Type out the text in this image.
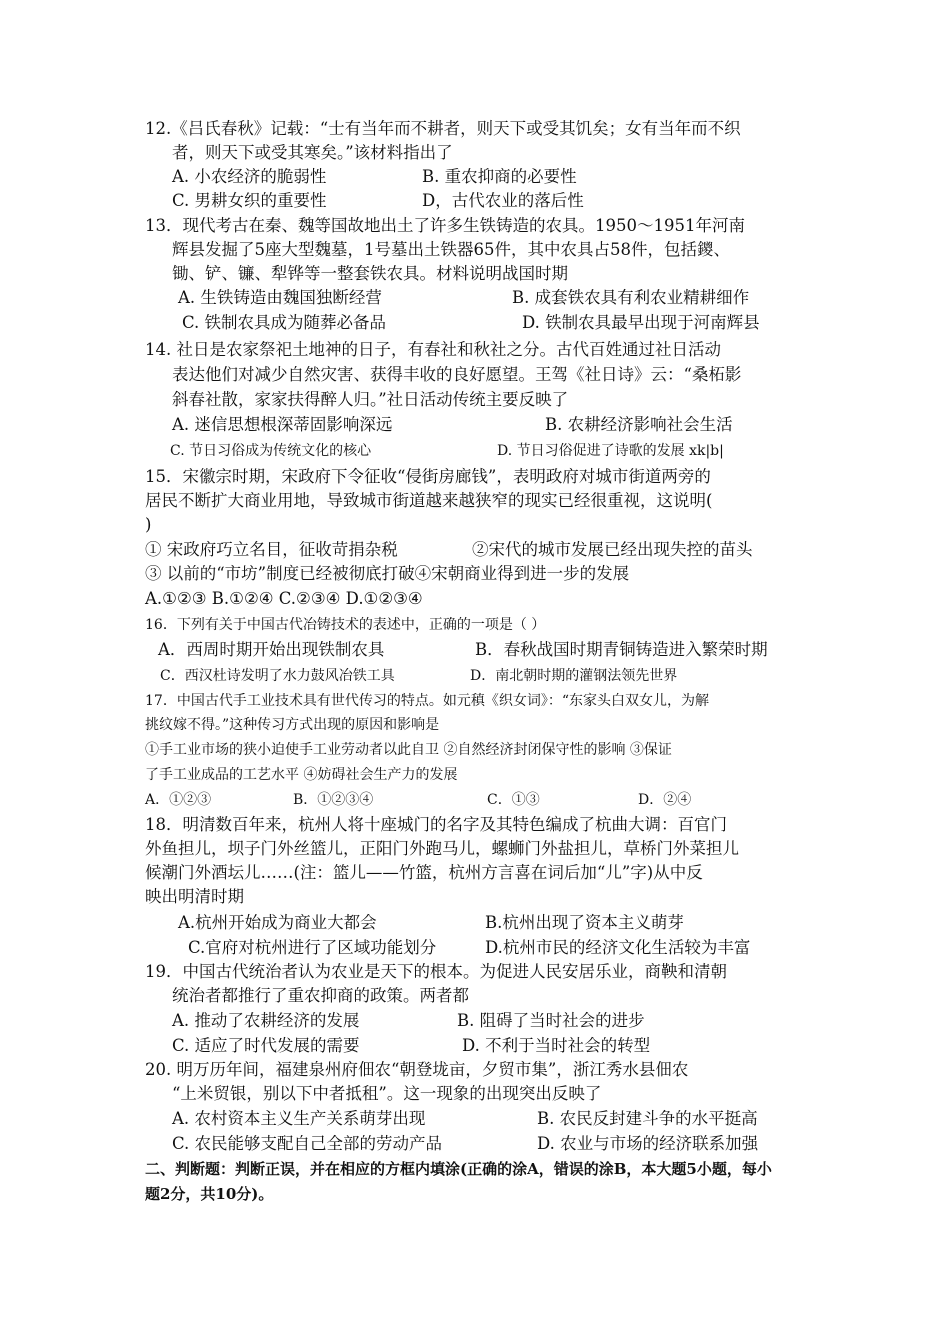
12.《吕氏春秋》记载：“士有当年而不耕者，则天下或受其饥矣；女有当年而不织
者，则天下或受其寒矣。”该材料指出了
A. 小农经济的脆弱性	B. 重农抑商的必要性
C. 男耕女织的重要性	D，古代农业的落后性
13．现代考古在秦、魏等国故地出土了许多生铁铸造的农具。1950～1951年河南
辉县发掘了5座大型魏墓，1号墓出土铁器65件，其中农具占58件，包括鑁、
锄、铲、镰、犁铧等一整套铁农具。材料说明战国时期
A. 生铁铸造由魏国独断经营	B. 成套铁农具有利农业精耕细作
C. 铁制农具成为随葬必备品	D. 铁制农具最早出现于河南辉县
14. 社日是农家祭祀土地神的日子，有春社和秋社之分。古代百姓通过社日活动
表达他们对减少自然灾害、获得丰收的良好愿望。王驾《社日诗》云：“桑柘影
斜春社散，家家扶得醉人归。”社日活动传统主要反映了
A. 迷信思想根深蒂固影响深远	B. 农耕经济影响社会生活
C. 节日习俗成为传统文化的核心	D. 节日习俗促进了诗歌的发展 xk|b|
15．宋徽宗时期，宋政府下令征收“侵街房廊钱”，表明政府对城市街道两旁的
居民不断扩大商业用地，导致城市街道越来越狭窄的现实已经很重视，这说明(
)
① 宋政府巧立名目，征收苛捐杂税	②宋代的城市发展已经出现失控的苗头
③ 以前的“市坊”制度已经被彻底打破④宋朝商业得到进一步的发展
A.①②③ B.①②④ C.②③④ D.①②③④
16．下列有关于中国古代冶铸技术的表述中，正确的一项是（ ）
A．西周时期开始出现铁制农具	B．春秋战国时期青铜铸造进入繁荣时期
C．西汉杜诗发明了水力鼓风冶铁工具	D．南北朝时期的灌钢法领先世界
17．中国古代手工业技术具有世代传习的特点。如元稹《织女词》：“东家头白双女儿，为解
挑纹嫁不得。”这种传习方式出现的原因和影响是
①手工业市场的狭小迫使手工业劳动者以此自卫 ②自然经济封闭保守性的影响 ③保证
了手工业成品的工艺水平 ④妨碍社会生产力的发展
A．①②③	B．①②③④	C．①③	D．②④
18．明清数百年来，杭州人将十座城门的名字及其特色编成了杭曲大调：百官门
外鱼担儿，坝子门外丝篮儿，正阳门外跑马儿，螺蛳门外盐担儿，草桥门外菜担儿
候潮门外酒坛儿……(注：篮儿——竹篮，杭州方言喜在词后加“儿”字)从中反
映出明清时期
A.杭州开始成为商业大都会	B.杭州出现了资本主义萌芽
C.官府对杭州进行了区域功能划分	D.杭州市民的经济文化生活较为丰富
19．中国古代统治者认为农业是天下的根本。为促进人民安居乐业，商鞅和清朝
统治者都推行了重农抑商的政策。两者都
A. 推动了农耕经济的发展	B. 阻碍了当时社会的进步
C. 适应了时代发展的需要	D. 不利于当时社会的转型
20. 明万历年间，福建泉州府佃农“朝登垅亩，夕贸市集”，浙江秀水县佃农
“上米贸银，别以下中者抵租”。这一现象的出现突出反映了
A. 农村资本主义生产关系萌芽出现	B. 农民反封建斗争的水平挺高
C. 农民能够支配自己全部的劳动产品	D. 农业与市场的经济联系加强
二、判断题：判断正误，并在相应的方框内填涂(正确的涂A，错误的涂B，本大题5小题，每小
题2分，共10分)。
